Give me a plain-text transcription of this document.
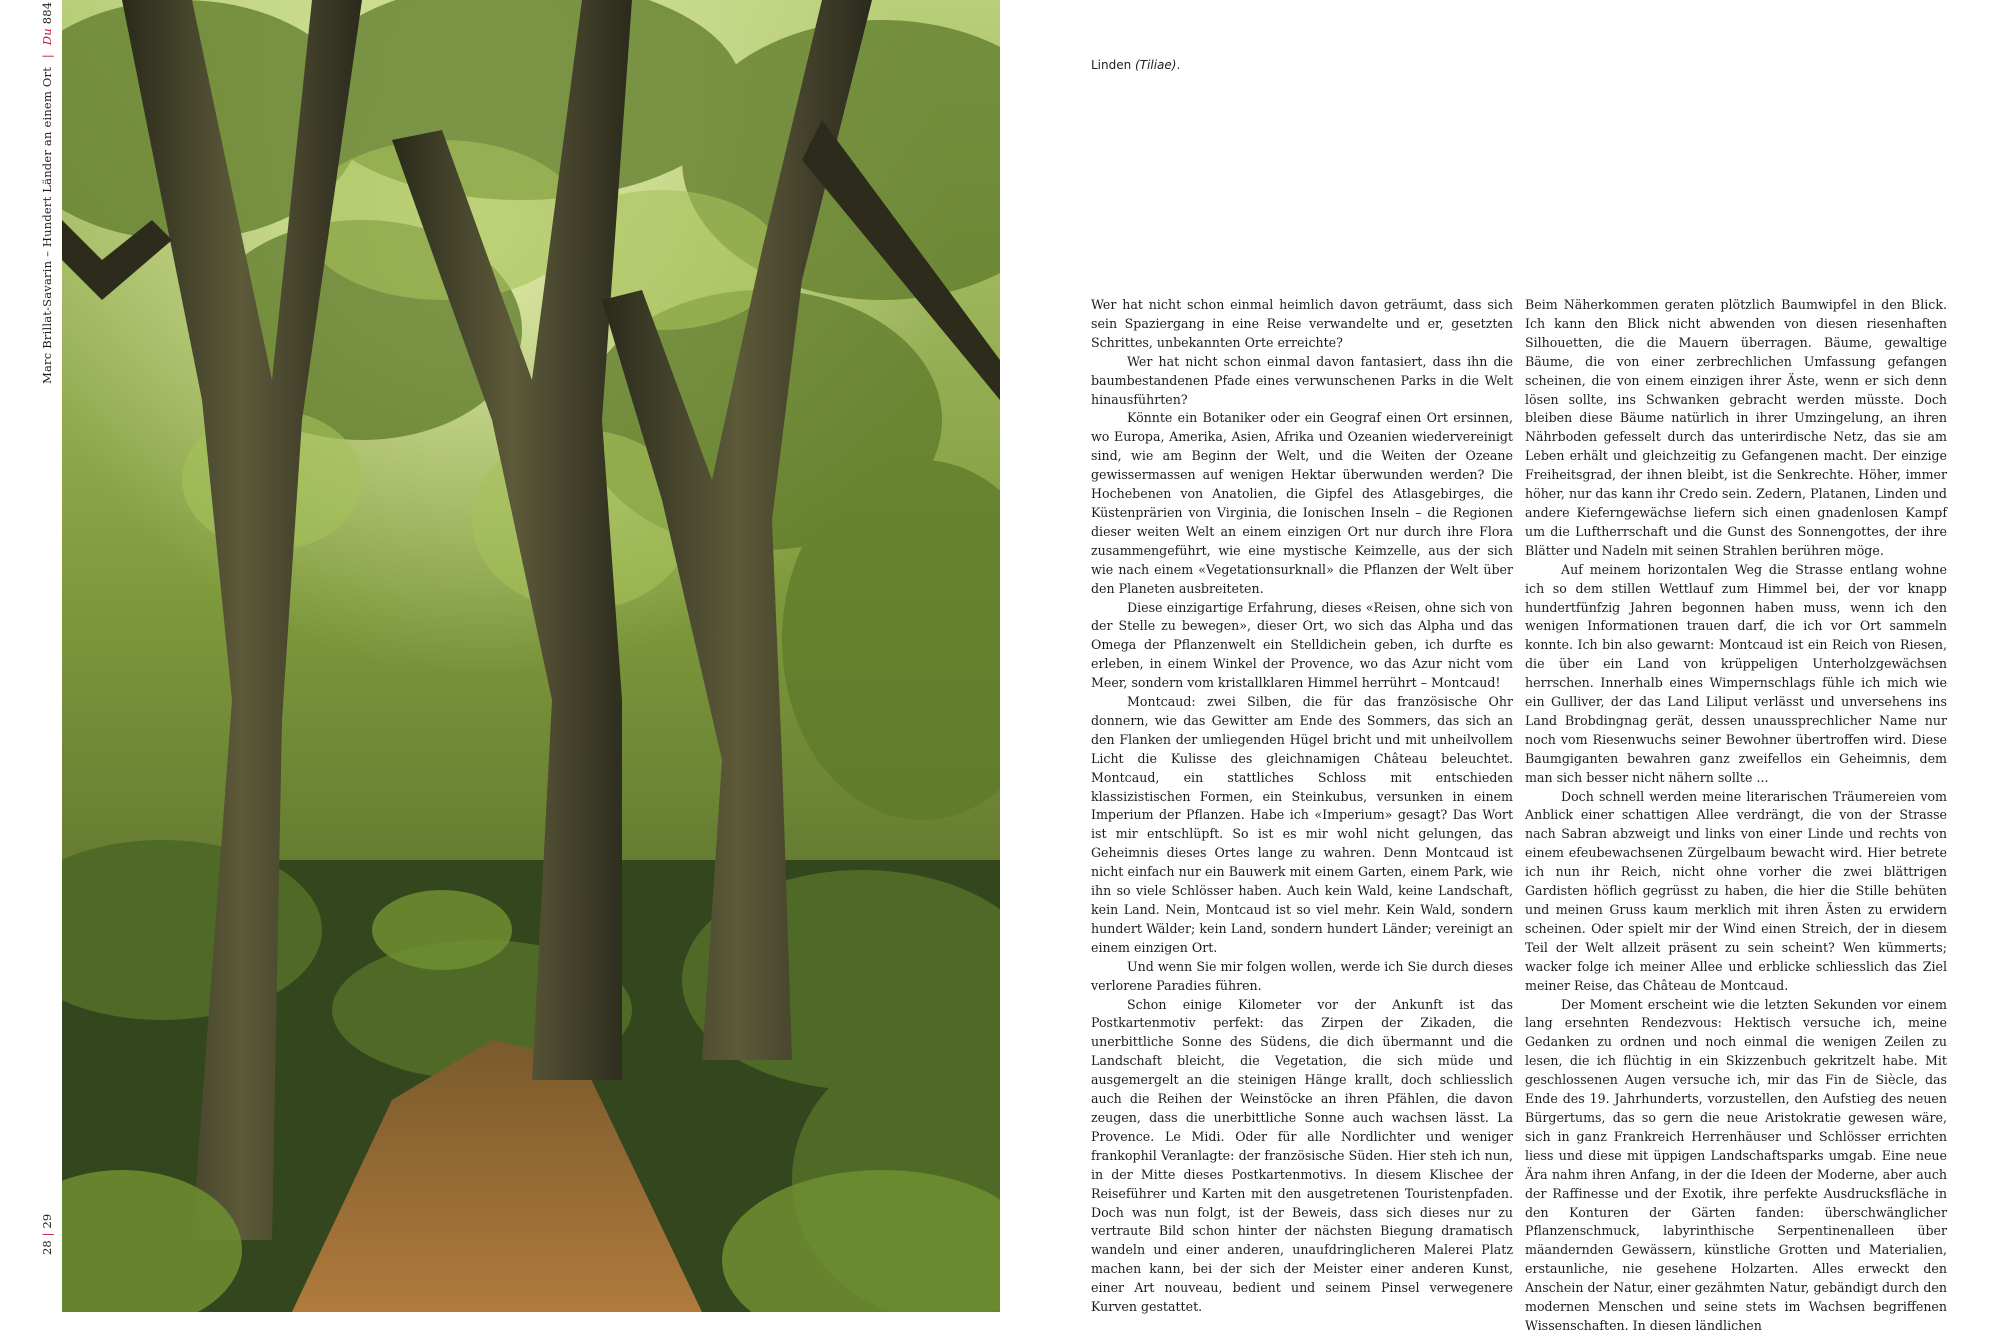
Marc Brillat-Savarin – Hundert Länder an einem Ort | Du 884
28|29
Linden (Tiliae).

Wer hat nicht schon einmal heimlich davon geträumt, dass sich sein Spaziergang in eine Reise verwandelte und er, gesetzten Schrittes, unbekannten Orte erreichte?

Wer hat nicht schon einmal davon fantasiert, dass ihn die baumbestandenen Pfade eines verwunschenen Parks in die Welt hinausführten?

Könnte ein Botaniker oder ein Geograf einen Ort ersinnen, wo Europa, Amerika, Asien, Afrika und Ozeanien wiedervereinigt sind, wie am Beginn der Welt, und die Weiten der Ozeane gewissermassen auf wenigen Hektar überwunden werden? Die Hochebenen von Anatolien, die Gipfel des Atlasgebirges, die Küstenprärien von Virginia, die Ionischen Inseln – die Regionen dieser weiten Welt an einem einzigen Ort nur durch ihre Flora zusammengeführt, wie eine mystische Keimzelle, aus der sich wie nach einem «Vegetationsurknall» die Pflanzen der Welt über den Planeten ausbreiteten.

Diese einzigartige Erfahrung, dieses «Reisen, ohne sich von der Stelle zu bewegen», dieser Ort, wo sich das Alpha und das Omega der Pflanzenwelt ein Stelldichein geben, ich durfte es erleben, in einem Winkel der Provence, wo das Azur nicht vom Meer, sondern vom kristallklaren Himmel herrührt – Montcaud!

Montcaud: zwei Silben, die für das französische Ohr donnern, wie das Gewitter am Ende des Sommers, das sich an den Flanken der umliegenden Hügel bricht und mit unheilvollem Licht die Kulisse des gleichnamigen Château beleuchtet. Montcaud, ein stattliches Schloss mit entschieden klassizistischen Formen, ein Steinkubus, versunken in einem Imperium der Pflanzen. Habe ich «Imperium» gesagt? Das Wort ist mir entschlüpft. So ist es mir wohl nicht gelungen, das Geheimnis dieses Ortes lange zu wahren. Denn Montcaud ist nicht einfach nur ein Bauwerk mit einem Garten, einem Park, wie ihn so viele Schlösser haben. Auch kein Wald, keine Landschaft, kein Land. Nein, Montcaud ist so viel mehr. Kein Wald, sondern hundert Wälder; kein Land, sondern hundert Länder; vereinigt an einem einzigen Ort.

Und wenn Sie mir folgen wollen, werde ich Sie durch dieses verlorene Paradies führen.

Schon einige Kilometer vor der Ankunft ist das Postkartenmotiv perfekt: das Zirpen der Zikaden, die unerbittliche Sonne des Südens, die dich übermannt und die Landschaft bleicht, die Vegetation, die sich müde und ausgemergelt an die steinigen Hänge krallt, doch schliesslich auch die Reihen der Weinstöcke an ihren Pfählen, die davon zeugen, dass die unerbittliche Sonne auch wachsen lässt. La Provence. Le Midi. Oder für alle Nordlichter und weniger frankophil Veranlagte: der französische Süden. Hier steh ich nun, in der Mitte dieses Postkartenmotivs. In diesem Klischee der Reiseführer und Karten mit den ausgetretenen Touristenpfaden. Doch was nun folgt, ist der Beweis, dass sich dieses nur zu vertraute Bild schon hinter der nächsten Biegung dramatisch wandeln und einer anderen, unaufdringlicheren Malerei Platz machen kann, bei der sich der Meister einer anderen Kunst, einer Art nouveau, bedient und seinem Pinsel verwegenere Kurven gestattet.

Beim Näherkommen geraten plötzlich Baumwipfel in den Blick. Ich kann den Blick nicht abwenden von diesen riesenhaften Silhouetten, die die Mauern überragen. Bäume, gewaltige Bäume, die von einer zerbrechlichen Umfassung gefangen scheinen, die von einem einzigen ihrer Äste, wenn er sich denn lösen sollte, ins Schwanken gebracht werden müsste. Doch bleiben diese Bäume natürlich in ihrer Umzingelung, an ihren Nährboden gefesselt durch das unterirdische Netz, das sie am Leben erhält und gleichzeitig zu Gefangenen macht. Der einzige Freiheitsgrad, der ihnen bleibt, ist die Senkrechte. Höher, immer höher, nur das kann ihr Credo sein. Zedern, Platanen, Linden und andere Kieferngewächse liefern sich einen gnadenlosen Kampf um die Luftherrschaft und die Gunst des Sonnengottes, der ihre Blätter und Nadeln mit seinen Strahlen berühren möge.

Auf meinem horizontalen Weg die Strasse entlang wohne ich so dem stillen Wettlauf zum Himmel bei, der vor knapp hundertfünfzig Jahren begonnen haben muss, wenn ich den wenigen Informationen trauen darf, die ich vor Ort sammeln konnte. Ich bin also gewarnt: Montcaud ist ein Reich von Riesen, die über ein Land von krüppeligen Unterholzgewächsen herrschen. Innerhalb eines Wimpernschlags fühle ich mich wie ein Gulliver, der das Land Liliput verlässt und unversehens ins Land Brobdingnag gerät, dessen unaussprechlicher Name nur noch vom Riesenwuchs seiner Bewohner übertroffen wird. Diese Baumgiganten bewahren ganz zweifellos ein Geheimnis, dem man sich besser nicht nähern sollte ...

Doch schnell werden meine literarischen Träumereien vom Anblick einer schattigen Allee verdrängt, die von der Strasse nach Sabran abzweigt und links von einer Linde und rechts von einem efeubewachsenen Zürgelbaum bewacht wird. Hier betrete ich nun ihr Reich, nicht ohne vorher die zwei blättrigen Gardisten höflich gegrüsst zu haben, die hier die Stille behüten und meinen Gruss kaum merklich mit ihren Ästen zu erwidern scheinen. Oder spielt mir der Wind einen Streich, der in diesem Teil der Welt allzeit präsent zu sein scheint? Wen kümmerts; wacker folge ich meiner Allee und erblicke schliesslich das Ziel meiner Reise, das Château de Montcaud.

Der Moment erscheint wie die letzten Sekunden vor einem lang ersehnten Rendezvous: Hektisch versuche ich, meine Gedanken zu ordnen und noch einmal die wenigen Zeilen zu lesen, die ich flüchtig in ein Skizzenbuch gekritzelt habe. Mit geschlossenen Augen versuche ich, mir das Fin de Siècle, das Ende des 19. Jahrhunderts, vorzustellen, den Aufstieg des neuen Bürgertums, das so gern die neue Aristokratie gewesen wäre, sich in ganz Frankreich Herrenhäuser und Schlösser errichten liess und diese mit üppigen Landschaftsparks umgab. Eine neue Ära nahm ihren Anfang, in der die Ideen der Moderne, aber auch der Raffinesse und der Exotik, ihre perfekte Ausdrucksfläche in den Konturen der Gärten fanden: überschwänglicher Pflanzenschmuck, labyrinthische Serpentinenalleen über mäandernden Gewässern, künstliche Grotten und Materialien, erstaunliche, nie gesehene Holzarten. Alles erweckt den Anschein der Natur, einer gezähmten Natur, gebändigt durch den modernen Menschen und seine stets im Wachsen begriffenen Wissenschaften. In diesen ländlichen
